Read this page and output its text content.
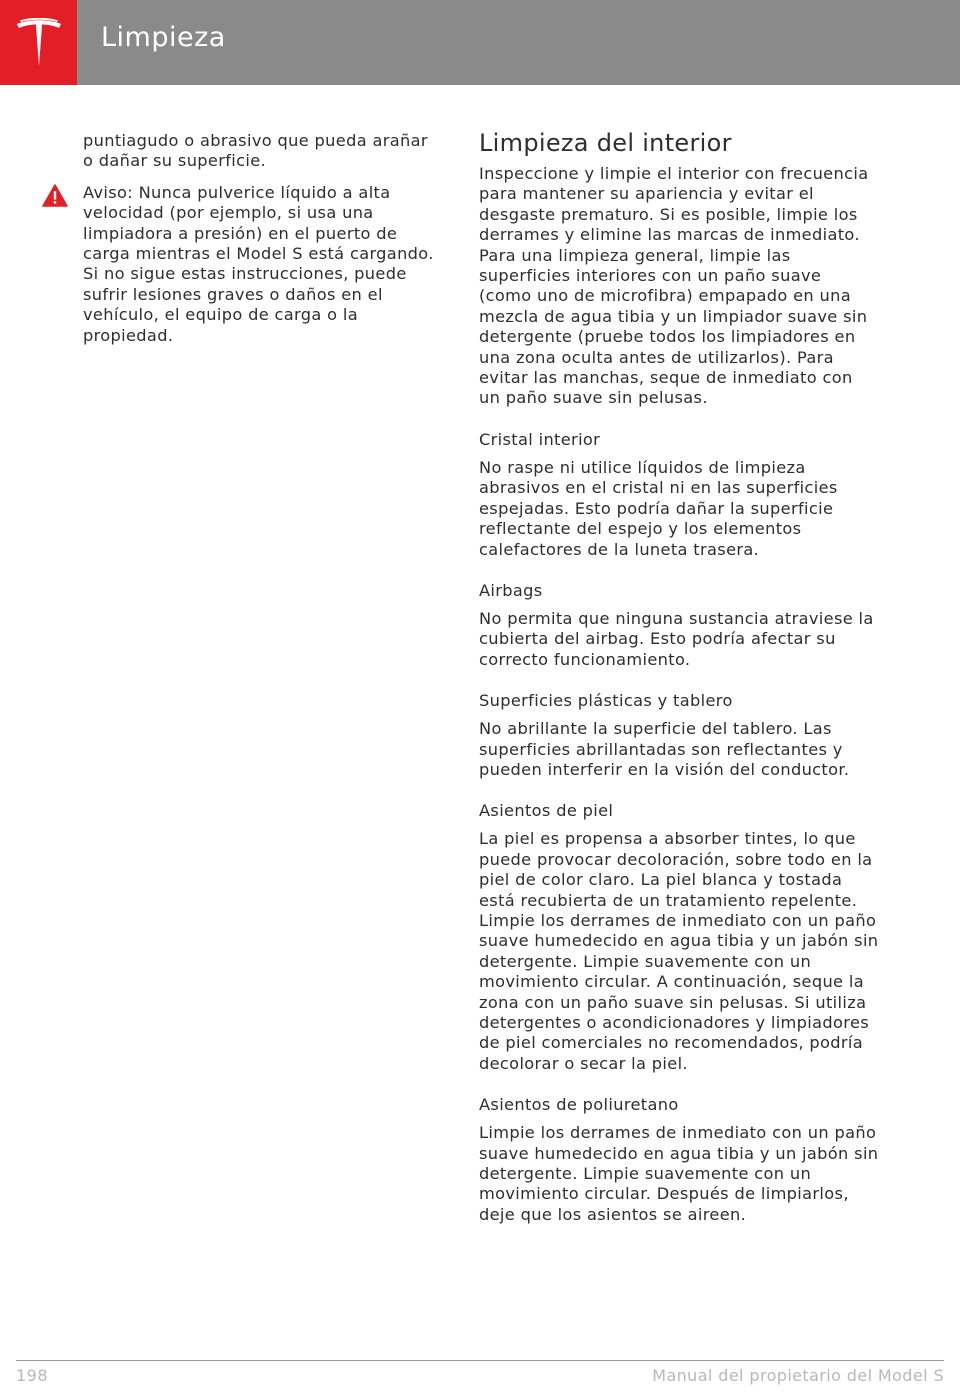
Limpieza

puntiagudo o abrasivo que pueda arañar o dañar su superficie.

Aviso: Nunca pulverice líquido a alta velocidad (por ejemplo, si usa una limpiadora a presión) en el puerto de carga mientras el Model S está cargando. Si no sigue estas instrucciones, puede sufrir lesiones graves o daños en el vehículo, el equipo de carga o la propiedad.

Limpieza del interior

Inspeccione y limpie el interior con frecuencia para mantener su apariencia y evitar el desgaste prematuro. Si es posible, limpie los derrames y elimine las marcas de inmediato. Para una limpieza general, limpie las superficies interiores con un paño suave (como uno de microfibra) empapado en una mezcla de agua tibia y un limpiador suave sin detergente (pruebe todos los limpiadores en una zona oculta antes de utilizarlos). Para evitar las manchas, seque de inmediato con un paño suave sin pelusas.

Cristal interior

No raspe ni utilice líquidos de limpieza abrasivos en el cristal ni en las superficies espejadas. Esto podría dañar la superficie reflectante del espejo y los elementos calefactores de la luneta trasera.

Airbags

No permita que ninguna sustancia atraviese la cubierta del airbag. Esto podría afectar su correcto funcionamiento.

Superficies plásticas y tablero

No abrillante la superficie del tablero. Las superficies abrillantadas son reflectantes y pueden interferir en la visión del conductor.

Asientos de piel

La piel es propensa a absorber tintes, lo que puede provocar decoloración, sobre todo en la piel de color claro. La piel blanca y tostada está recubierta de un tratamiento repelente. Limpie los derrames de inmediato con un paño suave humedecido en agua tibia y un jabón sin detergente. Limpie suavemente con un movimiento circular. A continuación, seque la zona con un paño suave sin pelusas. Si utiliza detergentes o acondicionadores y limpiadores de piel comerciales no recomendados, podría decolorar o secar la piel.

Asientos de poliuretano

Limpie los derrames de inmediato con un paño suave humedecido en agua tibia y un jabón sin detergente. Limpie suavemente con un movimiento circular. Después de limpiarlos, deje que los asientos se aireen.

198	Manual del propietario del Model S
